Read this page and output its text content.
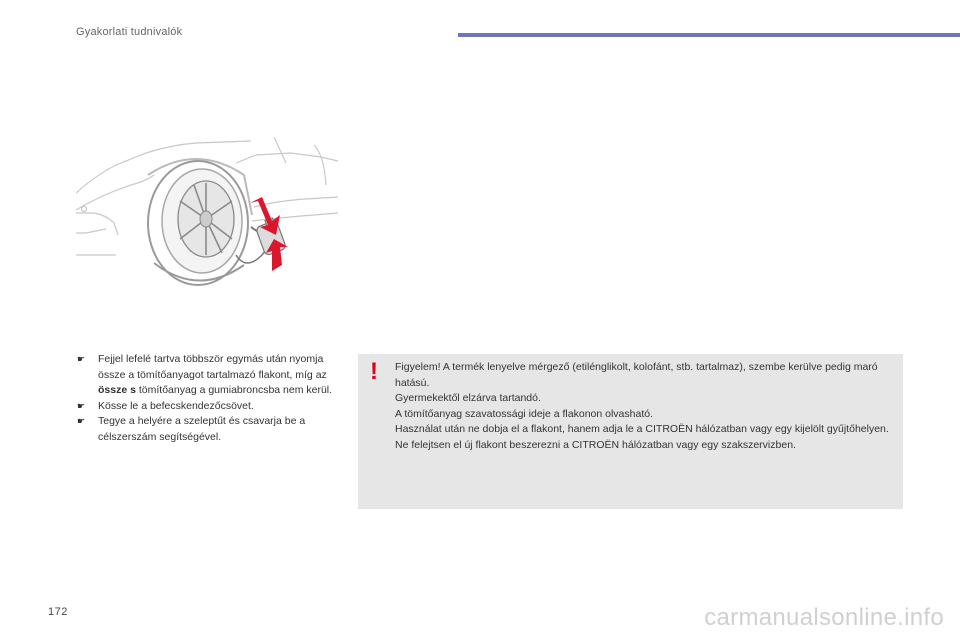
Gyakorlati tudnivalók
☛ Fejjel lefelé tartva többször egymás után nyomja össze a tömítőanyagot tartalmazó flakont, míg az össze s tömítőanyag a gumiabroncsba nem kerül.
☛ Kösse le a befecskendezőcsövet.
☛ Tegye a helyére a szeleptűt és csavarja be a célszerszám segítségével.
! Figyelem! A termék lenyelve mérgező (etilénglikolt, kolofánt, stb. tartalmaz), szembe kerülve pedig maró hatású.
Gyermekektől elzárva tartandó.
A tömítőanyag szavatossági ideje a flakonon olvasható.
Használat után ne dobja el a flakont, hanem adja le a CITROËN hálózatban vagy egy kijelölt gyűjtőhelyen.
Ne felejtsen el új flakont beszerezni a CITROËN hálózatban vagy egy szakszervizben.
172	carmanualsonline.info
